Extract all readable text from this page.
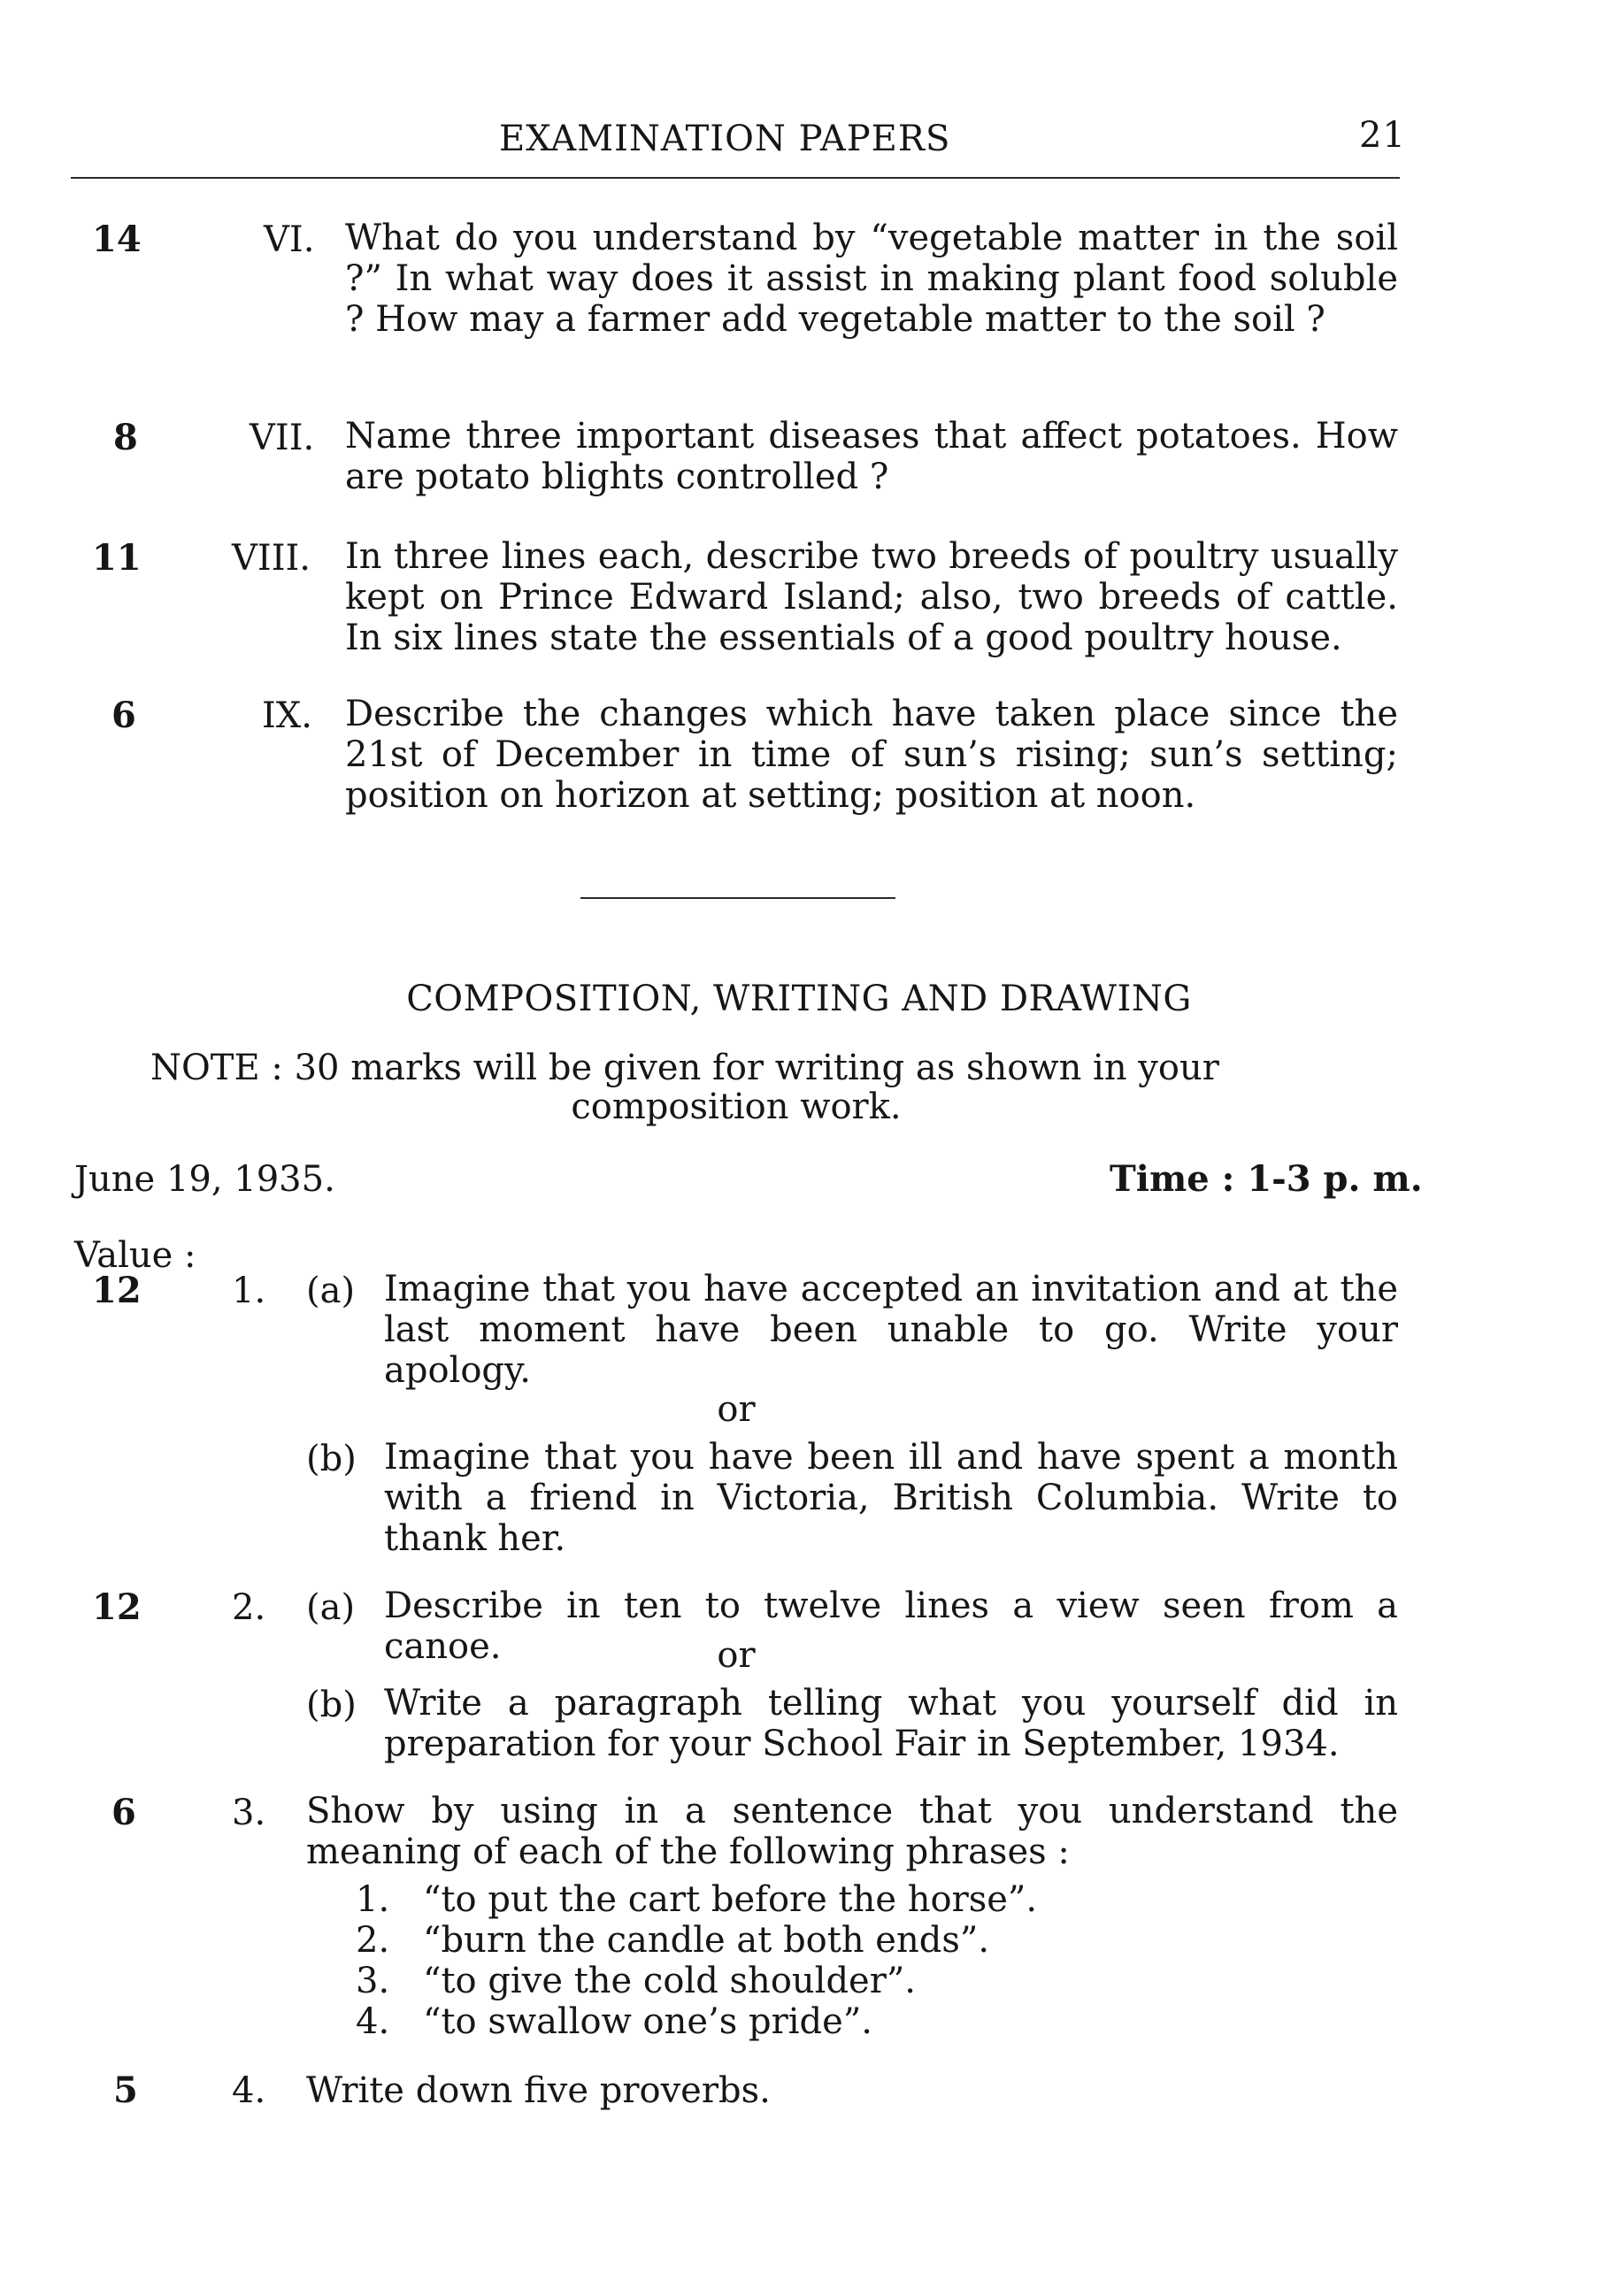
EXAMINATION PAPERS	21
14	VI. What do you understand by “vegetable matter in the soil ?” In what way does it assist in making plant food soluble ? How may a farmer add vegetable matter to the soil ?
8	VII. Name three important diseases that affect potatoes. How are potato blights controlled ?
11	VIII. In three lines each, describe two breeds of poultry usually kept on Prince Edward Island; also, two breeds of cattle. In six lines state the essentials of a good poultry house.
6	IX. Describe the changes which have taken place since the 21st of December in time of sun’s rising; sun’s setting; position on horizon at setting; position at noon.
COMPOSITION, WRITING AND DRAWING
NOTE : 30 marks will be given for writing as shown in your
composition work.
June 19, 1935.	Time : 1-3 p. m.
Value :
12	1. (a) Imagine that you have accepted an invitation and at the last moment have been unable to go. Write your apology.
or
(b) Imagine that you have been ill and have spent a month with a friend in Victoria, British Columbia. Write to thank her.
12	2. (a) Describe in ten to twelve lines a view seen from a canoe.	or
(b) Write a paragraph telling what you yourself did in preparation for your School Fair in September, 1934.
6	3. Show by using in a sentence that you understand the meaning of each of the following phrases :
1. “to put the cart before the horse”.
2. “burn the candle at both ends”.
3. “to give the cold shoulder”.
4. “to swallow one’s pride”.
5	4. Write down five proverbs.
